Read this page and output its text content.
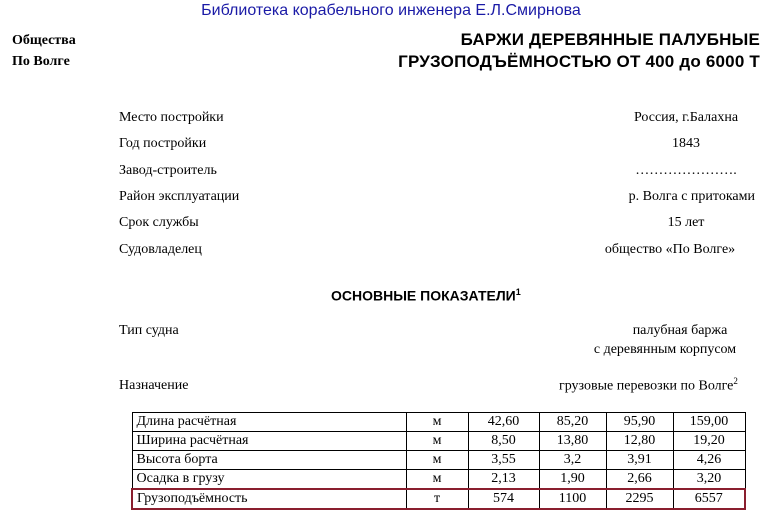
Библиотека корабельного инженера Е.Л.Смирнова
Общества
По Волге
БАРЖИ ДЕРЕВЯННЫЕ ПАЛУБНЫЕ
ГРУЗОПОДЪЁМНОСТЬЮ ОТ 400 до 6000 Т
Место постройки	Россия, г.Балахна
Год постройки	1843
Завод-строитель	………………….
Район эксплуатации	р. Волга с притоками
Срок службы	15 лет
Судовладелец	общество «По Волге»
ОСНОВНЫЕ ПОКАЗАТЕЛИ$^1$
Тип судна	палубная баржа
с деревянным корпусом
Назначение	грузовые перевозки по Волге$^2$
Длина расчётная	м	42,60	85,20	95,90	159,00
Ширина расчётная	м	8,50	13,80	12,80	19,20
Высота борта	м	3,55	3,2	3,91	4,26
Осадка в грузу	м	2,13	1,90	2,66	3,20
Грузоподъёмность	т	574	1100	2295	6557
